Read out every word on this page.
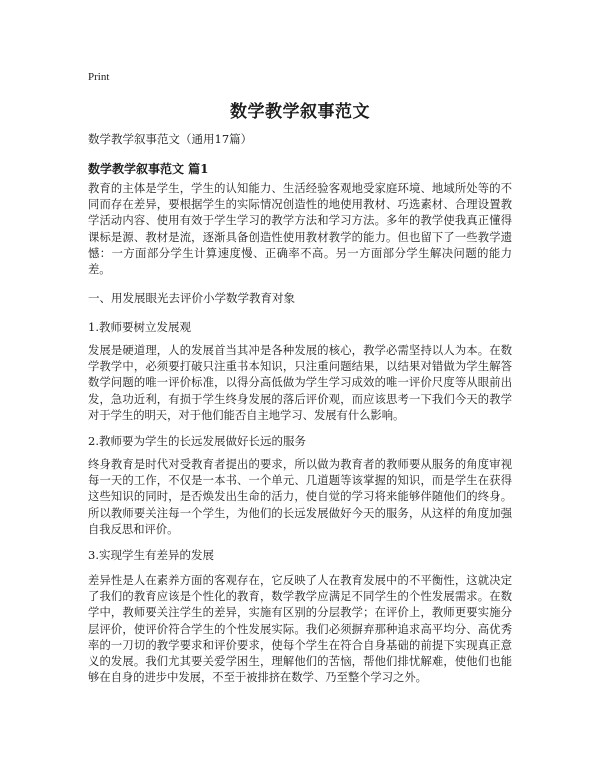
Print
数学教学叙事范文
数学教学叙事范文（通用17篇）
数学教学叙事范文 篇1

教育的主体是学生，学生的认知能力、生活经验客观地受家庭环境、地域所处等的不同而存在差异，要根据学生的实际情况创造性的地使用教材、巧选素材、合理设置教学活动内容、使用有效于学生学习的教学方法和学习方法。多年的教学使我真正懂得课标是源、教材是流，逐渐具备创造性使用教材教学的能力。但也留下了一些教学遗憾：一方面部分学生计算速度慢、正确率不高。另一方面部分学生解决问题的能力差。

一、用发展眼光去评价小学数学教育对象
1.教师要树立发展观

发展是硬道理，人的发展首当其冲是各种发展的核心，教学必需坚持以人为本。在数学教学中，必须要打破只注重书本知识，只注重问题结果，以结果对错做为学生解答数学问题的唯一评价标准，以得分高低做为学生学习成效的唯一评价尺度等从眼前出发，急功近利，有损于学生终身发展的落后评价观，而应该思考一下我们今天的教学对于学生的明天，对于他们能否自主地学习、发展有什么影响。

2.教师要为学生的长远发展做好长远的服务

终身教育是时代对受教育者提出的要求，所以做为教育者的教师要从服务的角度审视每一天的工作，不仅是一本书、一个单元、几道题等该掌握的知识，而是学生在获得这些知识的同时，是否焕发出生命的活力，使自觉的学习将来能够伴随他们的终身。所以教师要关注每一个学生，为他们的长远发展做好今天的服务，从这样的角度加强自我反思和评价。

3.实现学生有差异的发展

差异性是人在素养方面的客观存在，它反映了人在教育发展中的不平衡性，这就决定了我们的教育应该是个性化的教育，数学教学应满足不同学生的个性发展需求。在数学中，教师要关注学生的差异，实施有区别的分层教学；在评价上，教师更要实施分层评价，使评价符合学生的个性发展实际。我们必须摒弃那种追求高平均分、高优秀率的一刀切的教学要求和评价要求，使每个学生在符合自身基础的前提下实现真正意义的发展。我们尤其要关爱学困生，理解他们的苦恼，帮他们排忧解难，使他们也能够在自身的进步中发展，不至于被排挤在数学、乃至整个学习之外。
